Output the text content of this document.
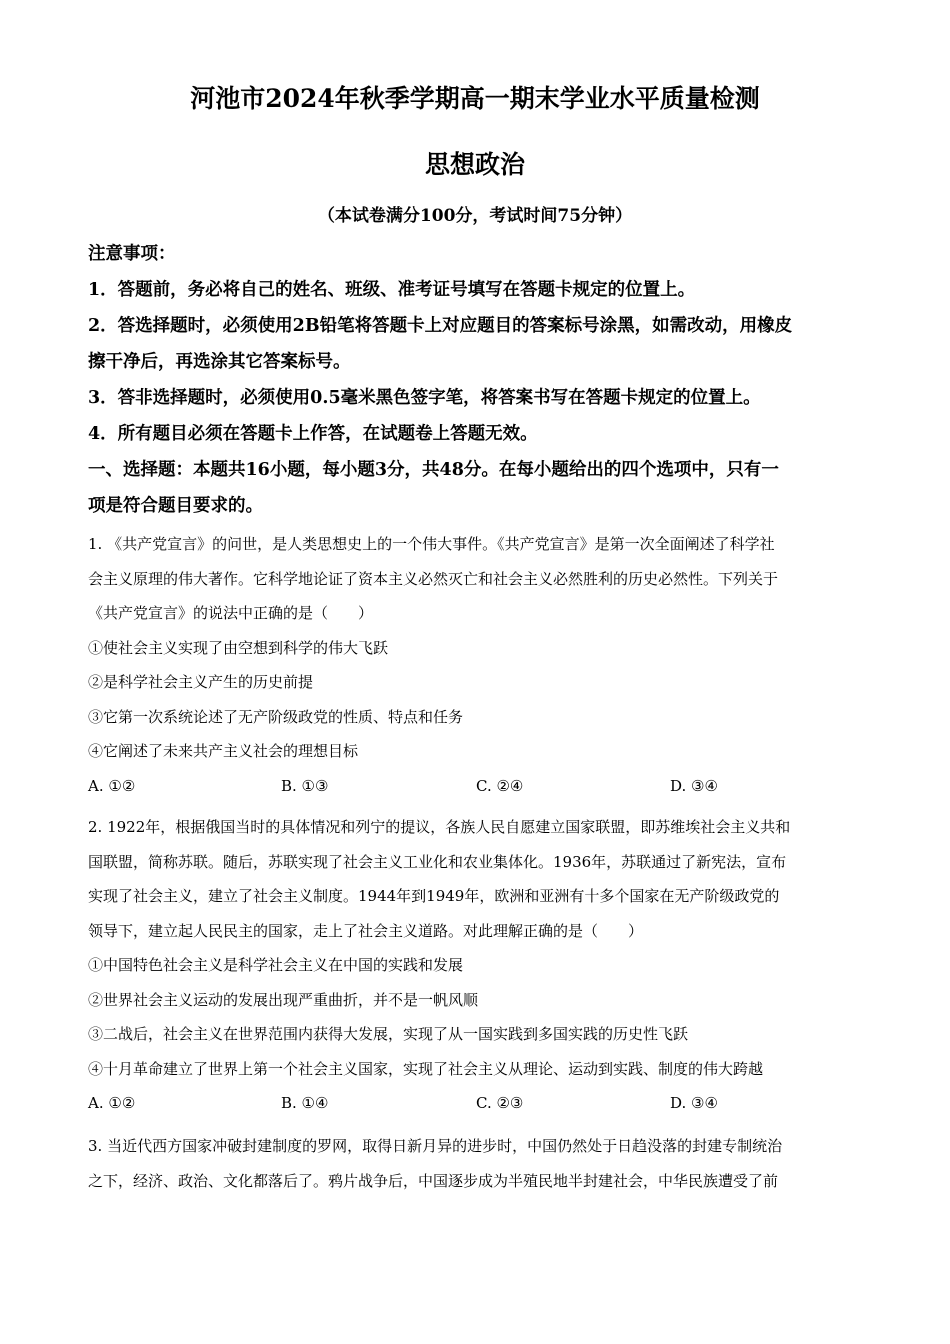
河池市2024年秋季学期高一期末学业水平质量检测
思想政治
（本试卷满分100分，考试时间75分钟）
注意事项：
1．答题前，务必将自己的姓名、班级、准考证号填写在答题卡规定的位置上。
2．答选择题时，必须使用2B铅笔将答题卡上对应题目的答案标号涂黑，如需改动，用橡皮
擦干净后，再选涂其它答案标号。
3．答非选择题时，必须使用0.5毫米黑色签字笔，将答案书写在答题卡规定的位置上。
4．所有题目必须在答题卡上作答，在试题卷上答题无效。
一、选择题：本题共16小题，每小题3分，共48分。在每小题给出的四个选项中，只有一
项是符合题目要求的。
1. 《共产党宣言》的问世，是人类思想史上的一个伟大事件。《共产党宣言》是第一次全面阐述了科学社
会主义原理的伟大著作。它科学地论证了资本主义必然灭亡和社会主义必然胜利的历史必然性。下列关于
《共产党宣言》的说法中正确的是（　　）
①使社会主义实现了由空想到科学的伟大飞跃
②是科学社会主义产生的历史前提
③它第一次系统论述了无产阶级政党的性质、特点和任务
④它阐述了未来共产主义社会的理想目标
A. ①②	B. ①③	C. ②④	D. ③④
2. 1922年，根据俄国当时的具体情况和列宁的提议，各族人民自愿建立国家联盟，即苏维埃社会主义共和
国联盟，简称苏联。随后，苏联实现了社会主义工业化和农业集体化。1936年，苏联通过了新宪法，宣布
实现了社会主义，建立了社会主义制度。1944年到1949年，欧洲和亚洲有十多个国家在无产阶级政党的
领导下，建立起人民民主的国家，走上了社会主义道路。对此理解正确的是（　　）
①中国特色社会主义是科学社会主义在中国的实践和发展
②世界社会主义运动的发展出现严重曲折，并不是一帆风顺
③二战后，社会主义在世界范围内获得大发展，实现了从一国实践到多国实践的历史性飞跃
④十月革命建立了世界上第一个社会主义国家，实现了社会主义从理论、运动到实践、制度的伟大跨越
A. ①②	B. ①④	C. ②③	D. ③④
3. 当近代西方国家冲破封建制度的罗网，取得日新月异的进步时，中国仍然处于日趋没落的封建专制统治
之下，经济、政治、文化都落后了。鸦片战争后，中国逐步成为半殖民地半封建社会，中华民族遭受了前
